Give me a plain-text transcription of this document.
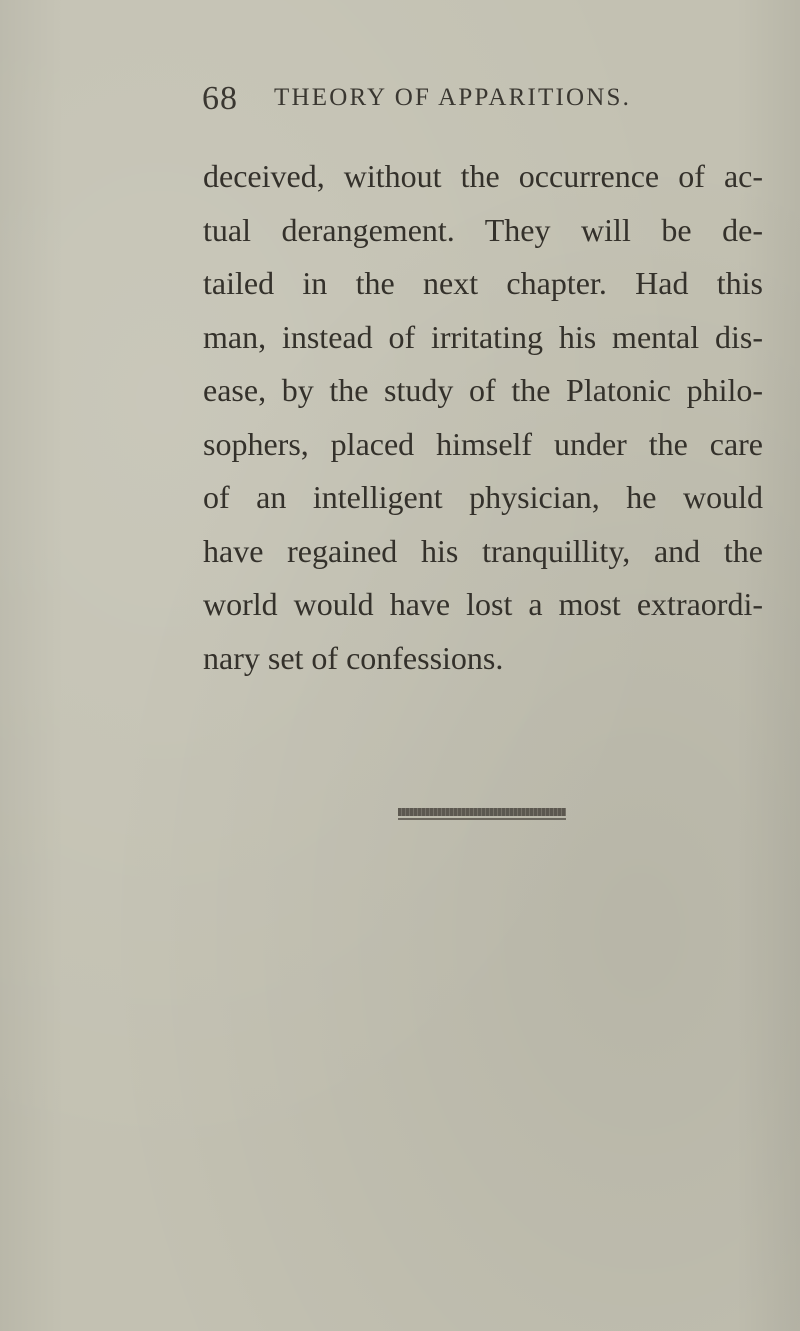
68 THEORY OF APPARITIONS.
deceived, without the occurrence of ac-
tual derangement. They will be de-
tailed in the next chapter. Had this
man, instead of irritating his mental dis-
ease, by the study of the Platonic philo-
sophers, placed himself under the care
of an intelligent physician, he would
have regained his tranquillity, and the
world would have lost a most extraordi-
nary set of confessions.
